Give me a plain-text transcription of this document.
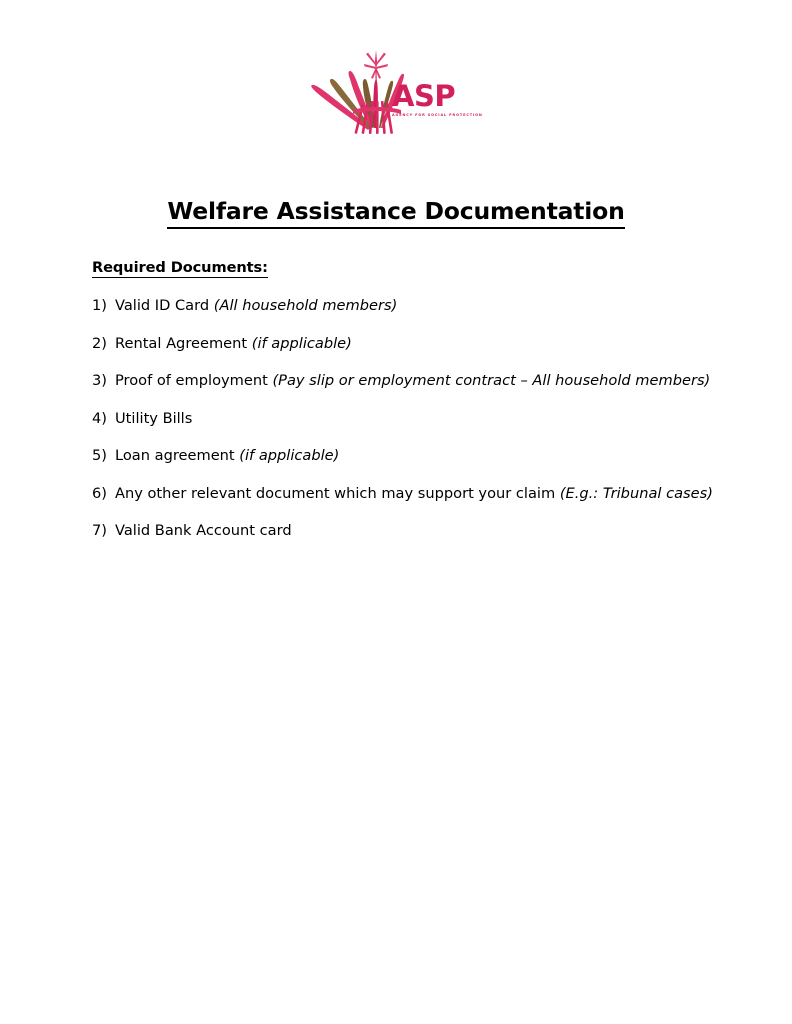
ASP
AGENCY FOR SOCIAL PROTECTION
Welfare Assistance Documentation
Required Documents:
1) Valid ID Card (All household members)
2) Rental Agreement (if applicable)
3) Proof of employment (Pay slip or employment contract – All household members)
4) Utility Bills
5) Loan agreement (if applicable)
6) Any other relevant document which may support your claim (E.g.: Tribunal cases)
7) Valid Bank Account card
